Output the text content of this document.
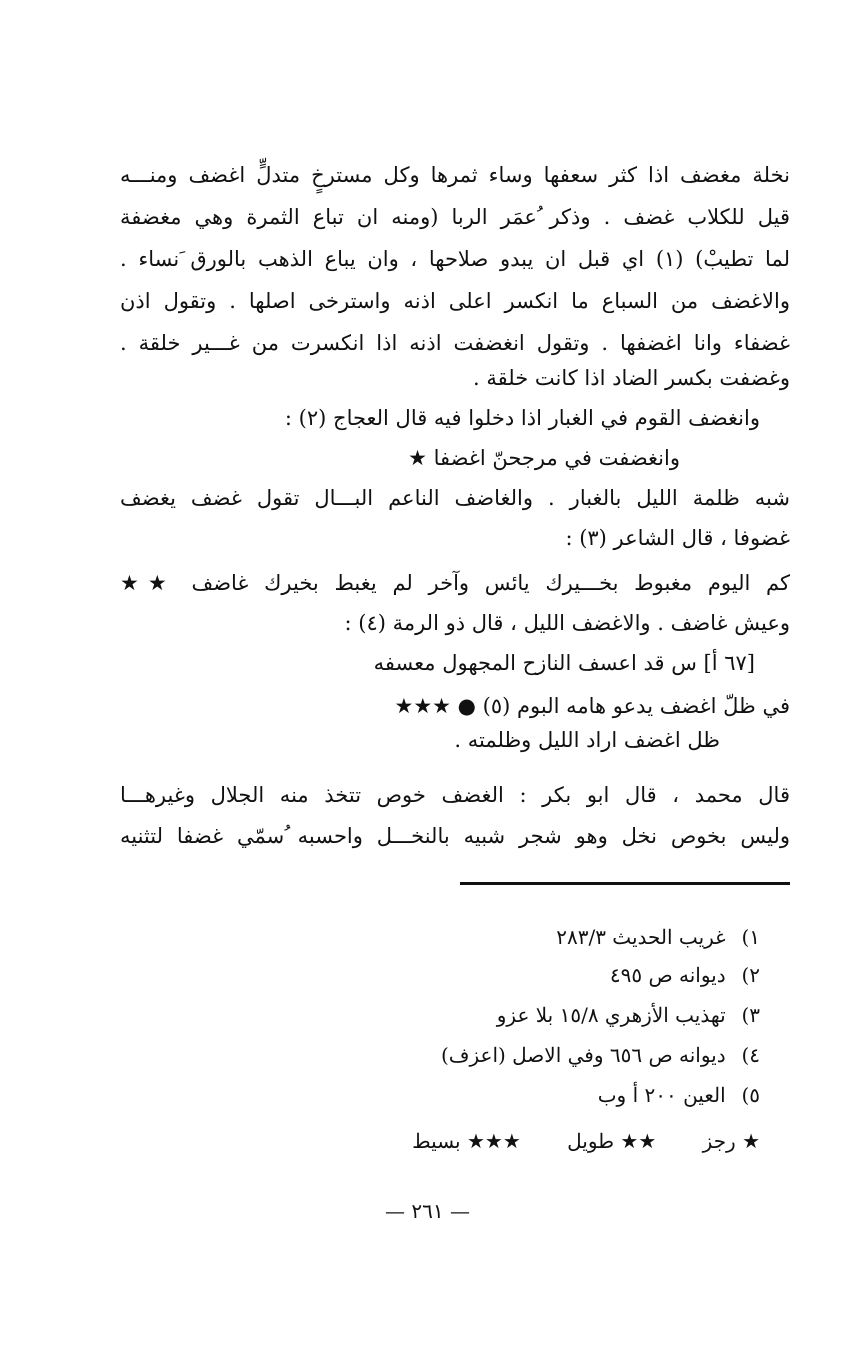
نخلة مغضف اذا كثر سعفها وساء ثمرها وكل مسترخٍ متدلٍّ اغضف ومنـــه
قيل للكلاب غضف . وذكر ُعمَر الربا (ومنه ان تباع الثمرة وهي مغضفة
لما تطيبْ) (١) اي قبل ان يبدو صلاحها ، وان يباع الذهب بالورق َنساء .
والاغضف من السباع ما انكسر اعلى اذنه واسترخى اصلها . وتقول اذن
غضفاء وانا اغضفها . وتقول انغضفت اذنه اذا انكسرت من غـــير خلقة .
وغضفت بكسر الضاد اذا كانت خلقة .
وانغضف القوم في الغبار اذا دخلوا فيه قال العجاج (٢) :
وانغضفت في مرجحنّ اغضفا ★
شبه ظلمة الليل بالغبار . والغاضف الناعم البـــال تقول غضف يغضف
غضوفا ، قال الشاعر (٣) :
كم اليوم مغبوط بخـــيرك يائس وآخر لم يغبط بخيرك غاضف ★★
وعيش غاضف . والاغضف الليل ، قال ذو الرمة (٤) :
[٦٧ أ] س قد اعسف النازح المجهول معسفه
في ظلّ اغضف يدعو هامه البوم (٥) ● ★★★
ظل اغضف اراد الليل وظلمته .
قال محمد ، قال ابو بكر : الغضف خوص تتخذ منه الجلال وغيرهـــا
وليس بخوص نخل وهو شجر شبيه بالنخـــل واحسبه ُسمّي غضفا لتثنيه
١) غريب الحديث ٢٨٣/٣
٢) ديوانه ص ٤٩٥
٣) تهذيب الأزهري ١٥/٨ بلا عزو
٤) ديوانه ص ٦٥٦ وفي الاصل (اعزف)
٥) العين ٢٠٠ أ وب
★ رجز ★★ طويل ★★★ بسيط
— ٢٦١ —
